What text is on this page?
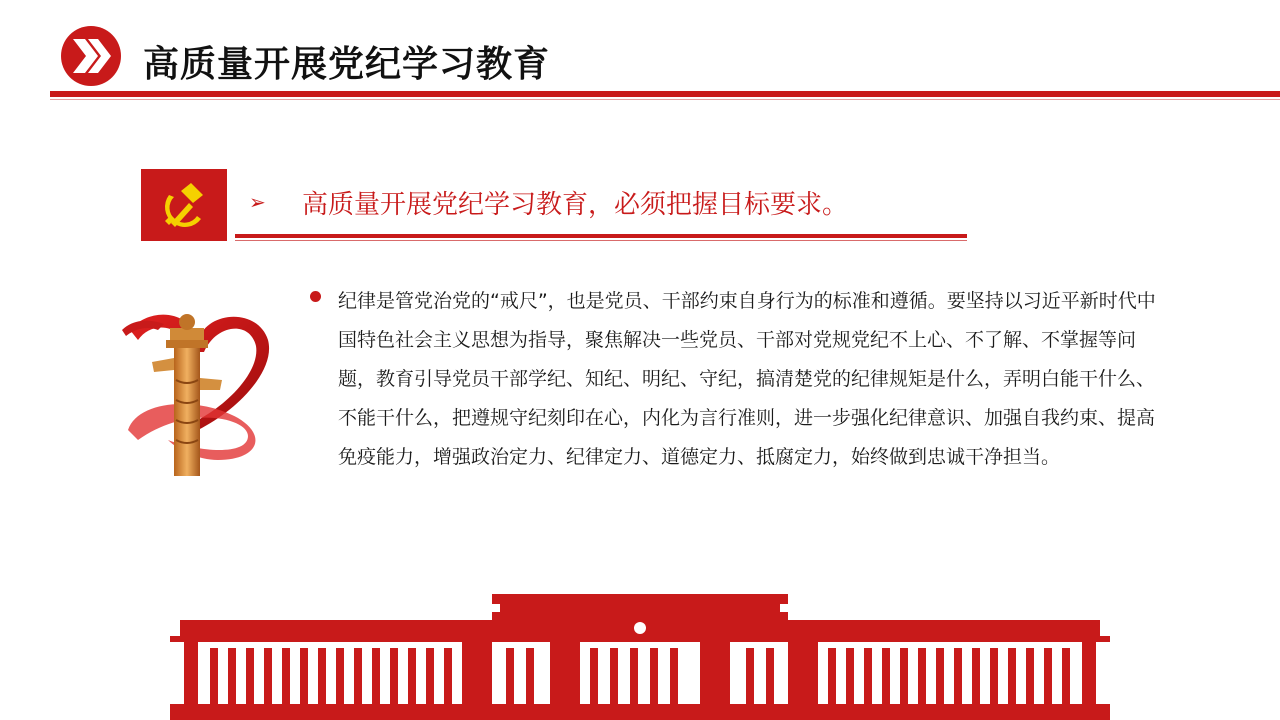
高质量开展党纪学习教育
➢ 高质量开展党纪学习教育，必须把握目标要求。
纪律是管党治党的“戒尺”，也是党员、干部约束自身行为的标准和遵循。要坚持以习近平新时代中国特色社会主义思想为指导，聚焦解决一些党员、干部对党规党纪不上心、不了解、不掌握等问题，教育引导党员干部学纪、知纪、明纪、守纪，搞清楚党的纪律规矩是什么，弄明白能干什么、不能干什么，把遵规守纪刻印在心，内化为言行准则，进一步强化纪律意识、加强自我约束、提高免疫能力，增强政治定力、纪律定力、道德定力、抵腐定力，始终做到忠诚干净担当。
